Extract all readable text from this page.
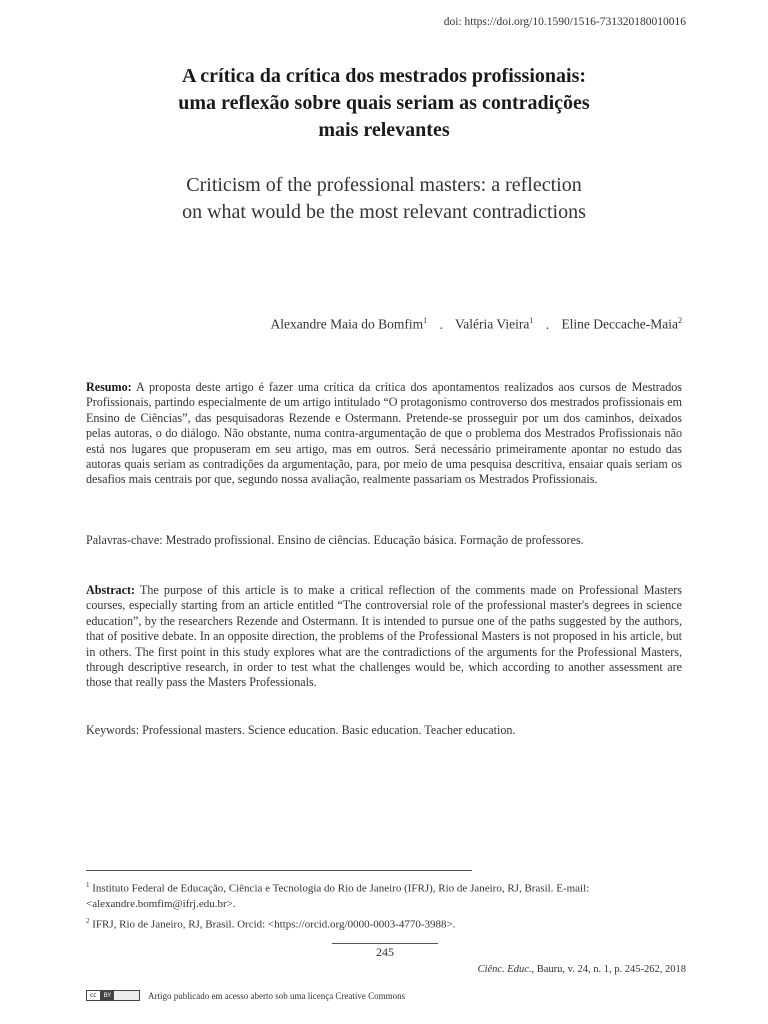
doi: https://doi.org/10.1590/1516-731320180010016
A crítica da crítica dos mestrados profissionais:
uma reflexão sobre quais seriam as contradições
mais relevantes
Criticism of the professional masters: a reflection
on what would be the most relevant contradictions
Alexandre Maia do Bomfim$^1$ . Valéria Vieira$^1$ . Eline Deccache-Maia$^2$
Resumo: A proposta deste artigo é fazer uma crítica da crítica dos apontamentos realizados aos cursos de Mestrados Profissionais, partindo especialmente de um artigo intitulado “O protagonismo controverso dos mestrados profissionais em Ensino de Ciências”, das pesquisadoras Rezende e Ostermann. Pretende-se prosseguir por um dos caminhos, deixados pelas autoras, o do diálogo. Não obstante, numa contra-argumentação de que o problema dos Mestrados Profissionais não está nos lugares que propuseram em seu artigo, mas em outros. Será necessário primeiramente apontar no estudo das autoras quais seriam as contradições da argumentação, para, por meio de uma pesquisa descritiva, ensaiar quais seriam os desafios mais centrais por que, segundo nossa avaliação, realmente passariam os Mestrados Profissionais.
Palavras-chave: Mestrado profissional. Ensino de ciências. Educação básica. Formação de professores.
Abstract: The purpose of this article is to make a critical reflection of the comments made on Professional Masters courses, especially starting from an article entitled “The controversial role of the professional master's degrees in science education”, by the researchers Rezende and Ostermann. It is intended to pursue one of the paths suggested by the authors, that of positive debate. In an opposite direction, the problems of the Professional Masters is not proposed in his article, but in others. The first point in this study explores what are the contradictions of the arguments for the Professional Masters, through descriptive research, in order to test what the challenges would be, which according to another assessment are those that really pass the Masters Professionals.
Keywords: Professional masters. Science education. Basic education. Teacher education.

$^1$ Instituto Federal de Educação, Ciência e Tecnologia do Rio de Janeiro (IFRJ), Rio de Janeiro, RJ, Brasil. E-mail: <alexandre.bomfim@ifrj.edu.br>.

$^2$ IFRJ, Rio de Janeiro, RJ, Brasil. Orcid: <https://orcid.org/0000-0003-4770-3988>.

245
Ciênc. Educ., Bauru, v. 24, n. 1, p. 245-262, 2018
cc	BY	Artigo publicado em acesso aberto sob uma licença Creative Commons
